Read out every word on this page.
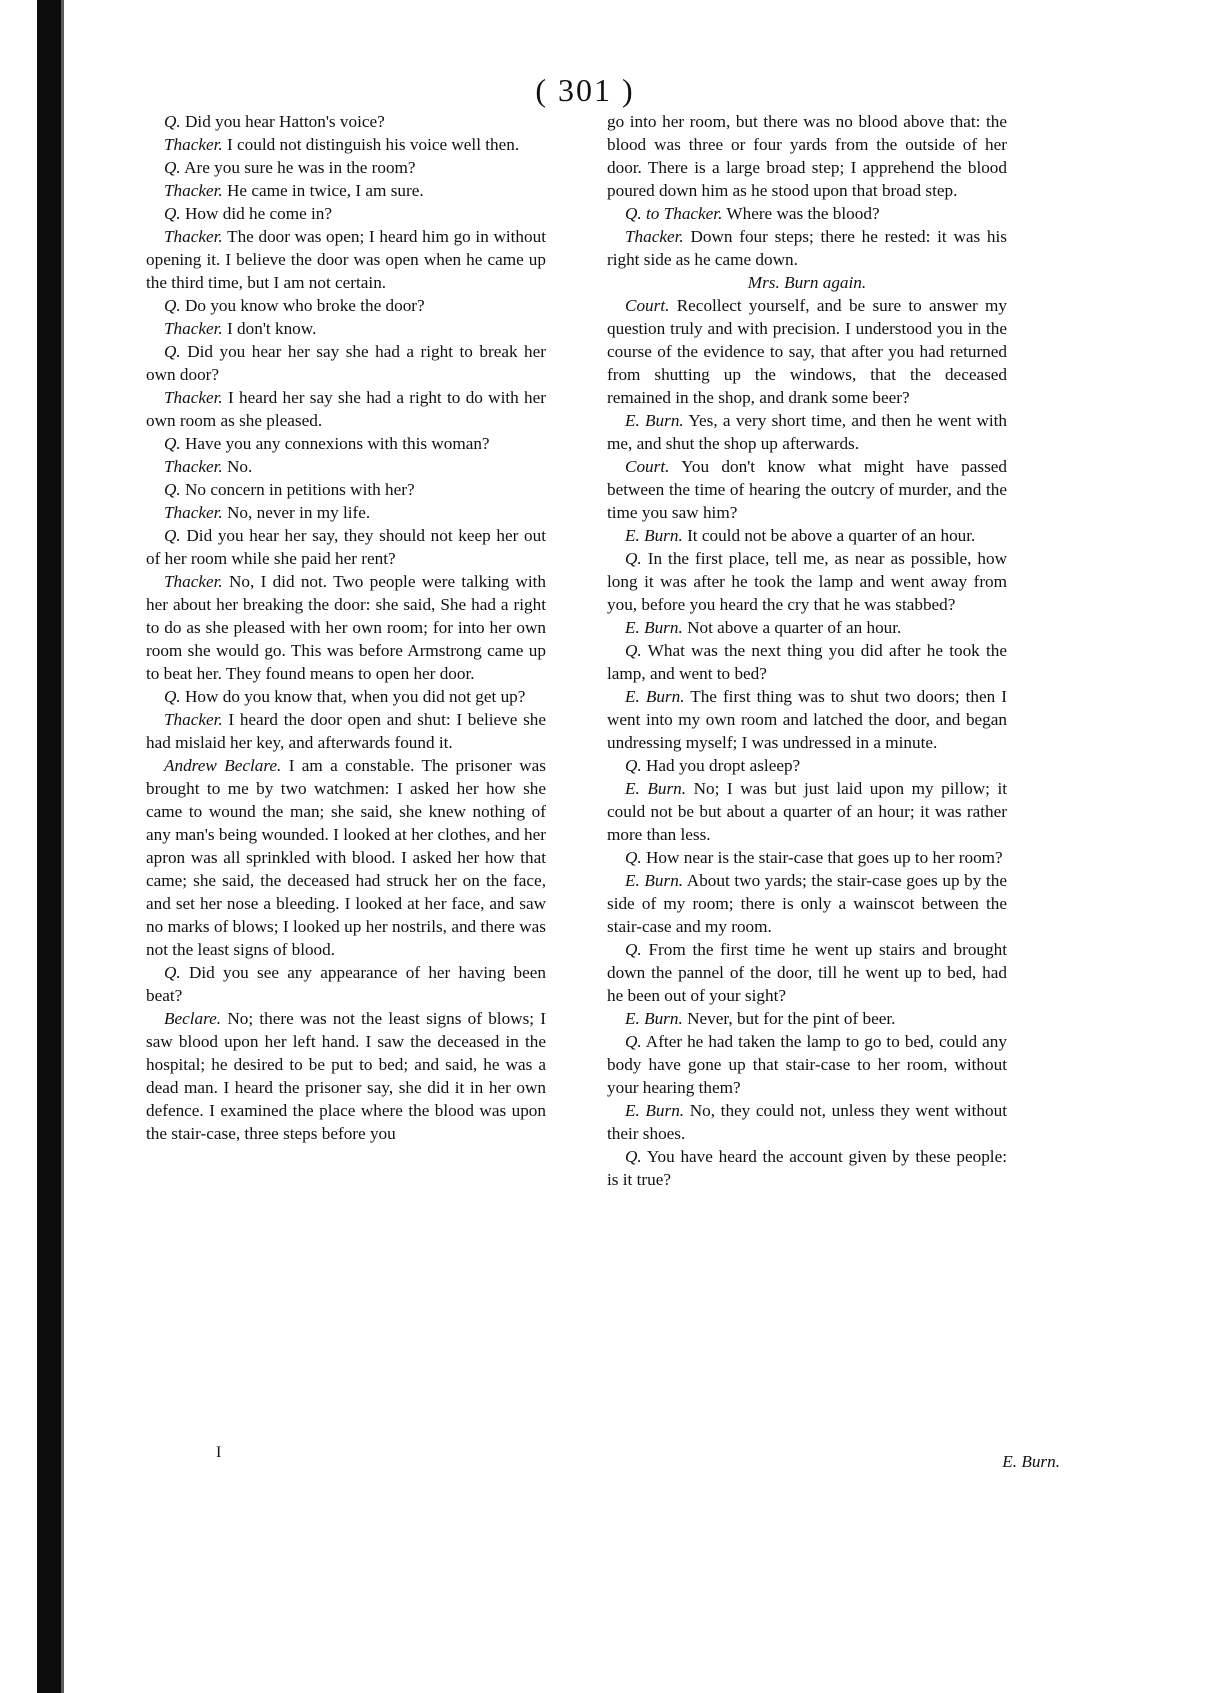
( 301 )

Q. Did you hear Hatton's voice?

Thacker. I could not distinguish his voice well then.

Q. Are you sure he was in the room?

Thacker. He came in twice, I am sure.

Q. How did he come in?

Thacker. The door was open; I heard him go in without opening it. I believe the door was open when he came up the third time, but I am not certain.

Q. Do you know who broke the door?

Thacker. I don't know.

Q. Did you hear her say she had a right to break her own door?

Thacker. I heard her say she had a right to do with her own room as she pleased.

Q. Have you any connexions with this woman?

Thacker. No.

Q. No concern in petitions with her?

Thacker. No, never in my life.

Q. Did you hear her say, they should not keep her out of her room while she paid her rent?

Thacker. No, I did not. Two people were talking with her about her breaking the door: she said, She had a right to do as she pleased with her own room; for into her own room she would go. This was before Armstrong came up to beat her. They found means to open her door.

Q. How do you know that, when you did not get up?

Thacker. I heard the door open and shut: I believe she had mislaid her key, and afterwards found it.

Andrew Beclare. I am a constable. The prisoner was brought to me by two watchmen: I asked her how she came to wound the man; she said, she knew nothing of any man's being wounded. I looked at her clothes, and her apron was all sprinkled with blood. I asked her how that came; she said, the deceased had struck her on the face, and set her nose a bleeding. I looked at her face, and saw no marks of blows; I looked up her nostrils, and there was not the least signs of blood.

Q. Did you see any appearance of her having been beat?

Beclare. No; there was not the least signs of blows; I saw blood upon her left hand. I saw the deceased in the hospital; he desired to be put to bed; and said, he was a dead man. I heard the prisoner say, she did it in her own defence. I examined the place where the blood was upon the stair-case, three steps before you

go into her room, but there was no blood above that: the blood was three or four yards from the outside of her door. There is a large broad step; I apprehend the blood poured down him as he stood upon that broad step.

Q. to Thacker. Where was the blood?

Thacker. Down four steps; there he rested: it was his right side as he came down.

Mrs. Burn again.

Court. Recollect yourself, and be sure to answer my question truly and with precision. I understood you in the course of the evidence to say, that after you had returned from shutting up the windows, that the deceased remained in the shop, and drank some beer?

E. Burn. Yes, a very short time, and then he went with me, and shut the shop up afterwards.

Court. You don't know what might have passed between the time of hearing the outcry of murder, and the time you saw him?

E. Burn. It could not be above a quarter of an hour.

Q. In the first place, tell me, as near as possible, how long it was after he took the lamp and went away from you, before you heard the cry that he was stabbed?

E. Burn. Not above a quarter of an hour.

Q. What was the next thing you did after he took the lamp, and went to bed?

E. Burn. The first thing was to shut two doors; then I went into my own room and latched the door, and began undressing myself; I was undressed in a minute.

Q. Had you dropt asleep?

E. Burn. No; I was but just laid upon my pillow; it could not be but about a quarter of an hour; it was rather more than less.

Q. How near is the stair-case that goes up to her room?

E. Burn. About two yards; the stair-case goes up by the side of my room; there is only a wainscot between the stair-case and my room.

Q. From the first time he went up stairs and brought down the pannel of the door, till he went up to bed, had he been out of your sight?

E. Burn. Never, but for the pint of beer.

Q. After he had taken the lamp to go to bed, could any body have gone up that stair-case to her room, without your hearing them?

E. Burn. No, they could not, unless they went without their shoes.

Q. You have heard the account given by these people: is it true?

I	E. Burn.
